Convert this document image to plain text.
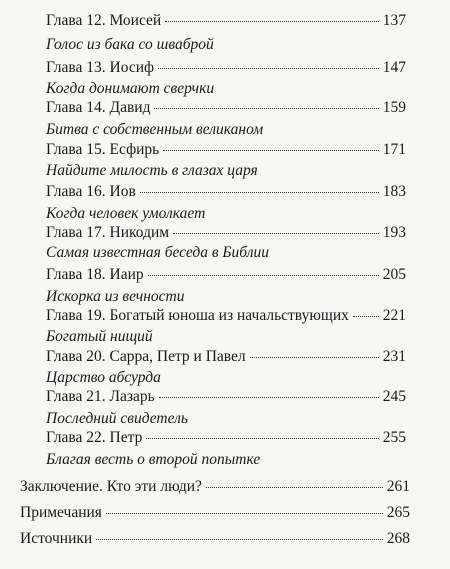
Глава 12. Моисей	137
Голос из бака со шваброй
Глава 13. Иосиф	147
Когда донимают сверчки
Глава 14. Давид	159
Битва с собственным великаном
Глава 15. Есфирь	171
Найдите милость в глазах царя
Глава 16. Иов	183
Когда человек умолкает
Глава 17. Никодим	193
Самая известная беседа в Библии
Глава 18. Иаир	205
Искорка из вечности
Глава 19. Богатый юноша из начальствующих 221
Богатый нищий
Глава 20. Сарра, Петр и Павел	231
Царство абсурда
Глава 21. Лазарь	245
Последний свидетель
Глава 22. Петр	255
Благая весть о второй попытке
Заключение. Кто эти люди?	261
Примечания	265
Источники	268
